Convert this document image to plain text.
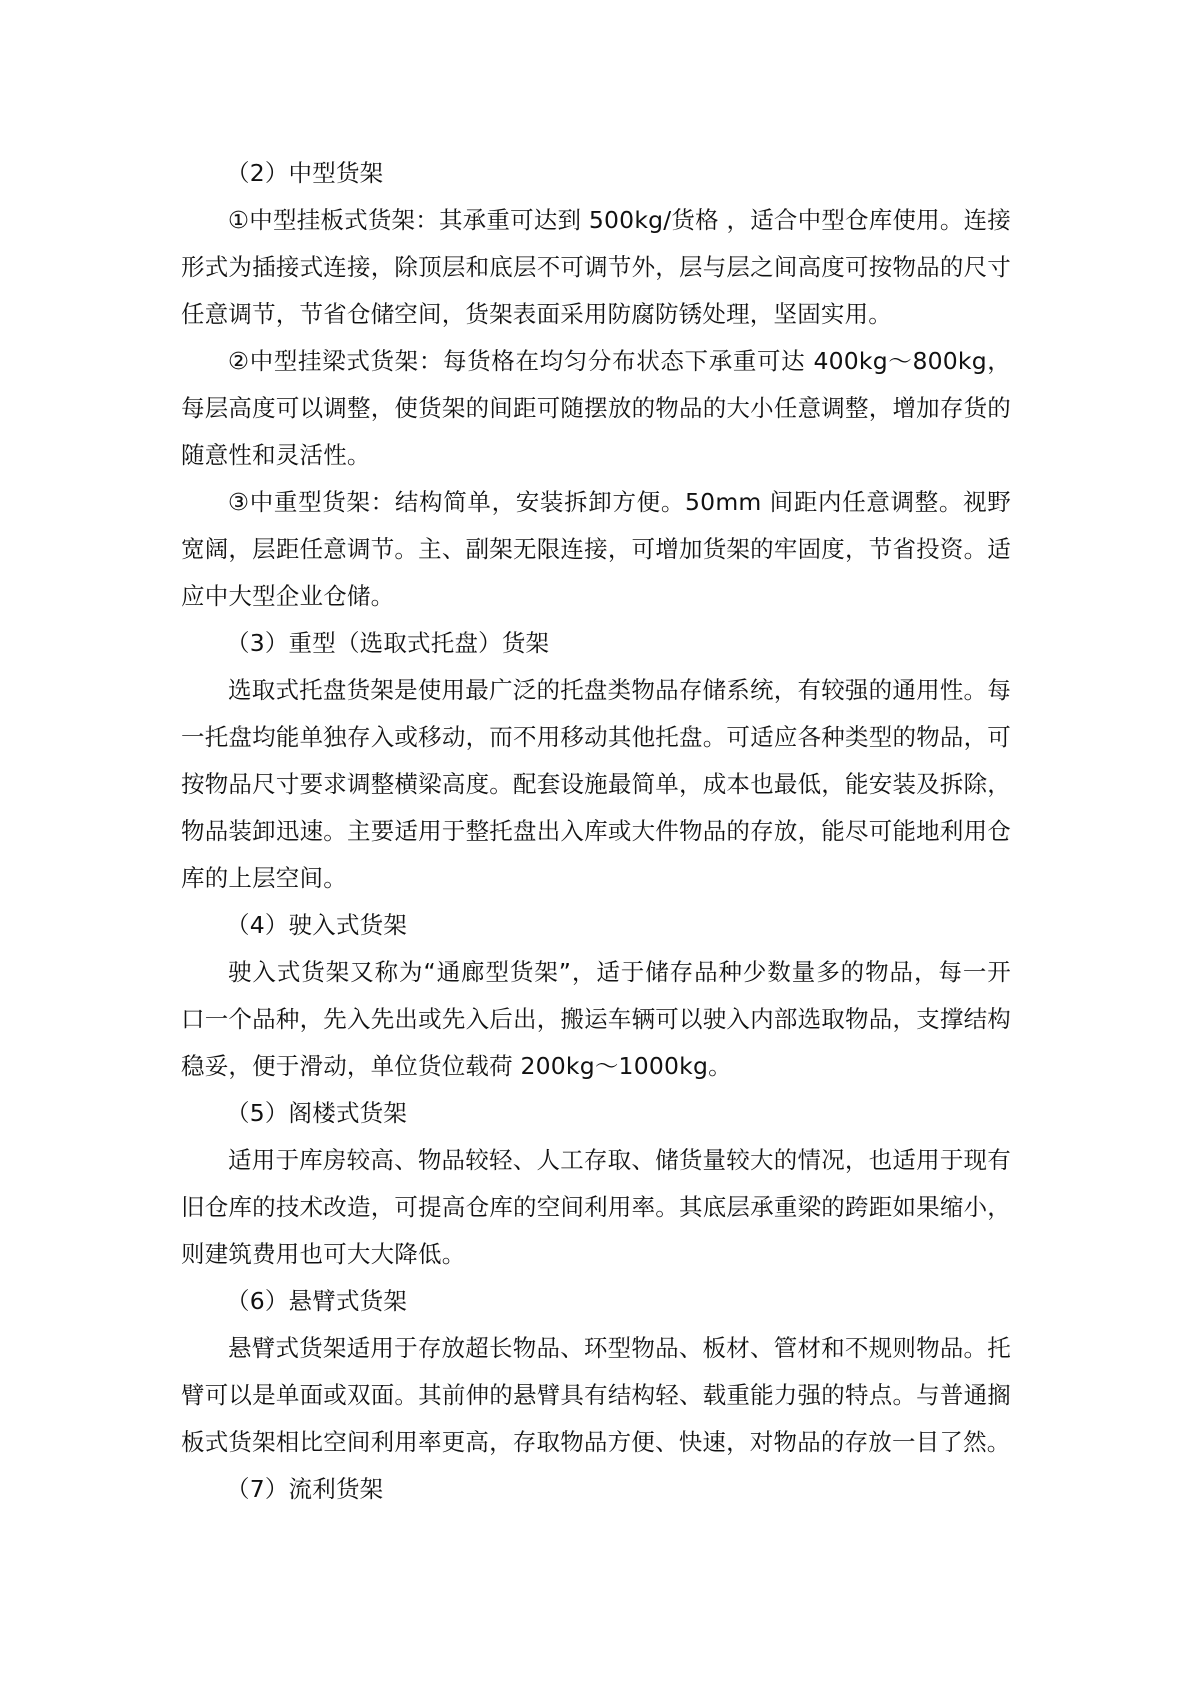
（2）中型货架

①中型挂板式货架：其承重可达到 500kg/货格 ，适合中型仓库使用。连接形式为插接式连接，除顶层和底层不可调节外，层与层之间高度可按物品的尺寸任意调节，节省仓储空间，货架表面采用防腐防锈处理，坚固实用。

②中型挂梁式货架：每货格在均匀分布状态下承重可达 400kg～800kg，每层高度可以调整，使货架的间距可随摆放的物品的大小任意调整，增加存货的随意性和灵活性。

③中重型货架：结构简单，安装拆卸方便。50mm 间距内任意调整。视野宽阔，层距任意调节。主、副架无限连接，可增加货架的牢固度，节省投资。适应中大型企业仓储。

（3）重型（选取式托盘）货架

选取式托盘货架是使用最广泛的托盘类物品存储系统，有较强的通用性。每一托盘均能单独存入或移动，而不用移动其他托盘。可适应各种类型的物品，可按物品尺寸要求调整横梁高度。配套设施最简单，成本也最低，能安装及拆除，物品装卸迅速。主要适用于整托盘出入库或大件物品的存放，能尽可能地利用仓库的上层空间。

（4）驶入式货架

驶入式货架又称为“通廊型货架”，适于储存品种少数量多的物品，每一开口一个品种，先入先出或先入后出，搬运车辆可以驶入内部选取物品，支撑结构稳妥，便于滑动，单位货位载荷 200kg～1000kg。

（5）阁楼式货架

适用于库房较高、物品较轻、人工存取、储货量较大的情况，也适用于现有旧仓库的技术改造，可提高仓库的空间利用率。其底层承重梁的跨距如果缩小，则建筑费用也可大大降低。

（6）悬臂式货架

悬臂式货架适用于存放超长物品、环型物品、板材、管材和不规则物品。托臂可以是单面或双面。其前伸的悬臂具有结构轻、载重能力强的特点。与普通搁板式货架相比空间利用率更高，存取物品方便、快速，对物品的存放一目了然。

（7）流利货架
